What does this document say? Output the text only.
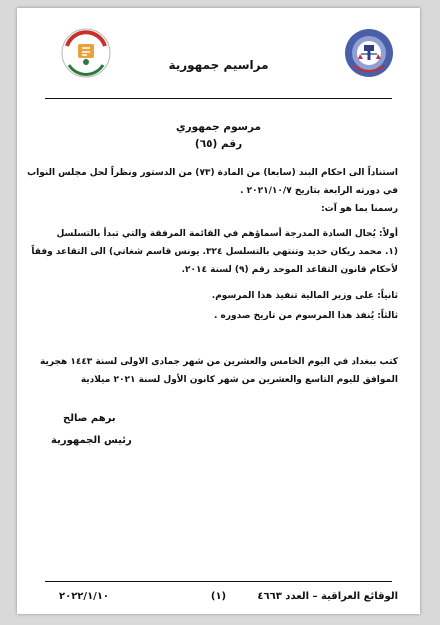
مراسيم جمهورية
مرسوم جمهوري
رقم (٦٥)
استناداً الى احكام البند (سابعا) من المادة (٧٣) من الدستور ونظراً لحل مجلس النواب
في دورته الرابعة بتاريخ ٢٠٢١/١٠/٧ .
رسمنا بما هو آت:
أولاً: يُحال السادة المدرجة أسماؤهم في القائمة المرفقة والتي تبدأ بالتسلسل
(١. محمد ريكان حديد وتنتهي بالتسلسل ٣٢٤. يونس قاسم شغاتي) الى التقاعد وفقاً
لأحكام قانون التقاعد الموحد رقم (٩) لسنة ٢٠١٤.
ثانياً: على وزير المالية تنفيذ هذا المرسوم.
ثالثاً: يُنفذ هذا المرسوم من تاريخ صدوره .
كتب ببغداد في اليوم الخامس والعشرين من شهر جمادى الاولى لسنة ١٤٤٣ هجرية
الموافق لليوم التاسع والعشرين من شهر كانون الأول لسنة ٢٠٢١ ميلادية
برهم صالح
رئيس الجمهورية
الوقائع العراقية – العدد ٤٦٦٣
(١)
٢٠٢٢/١/١٠
